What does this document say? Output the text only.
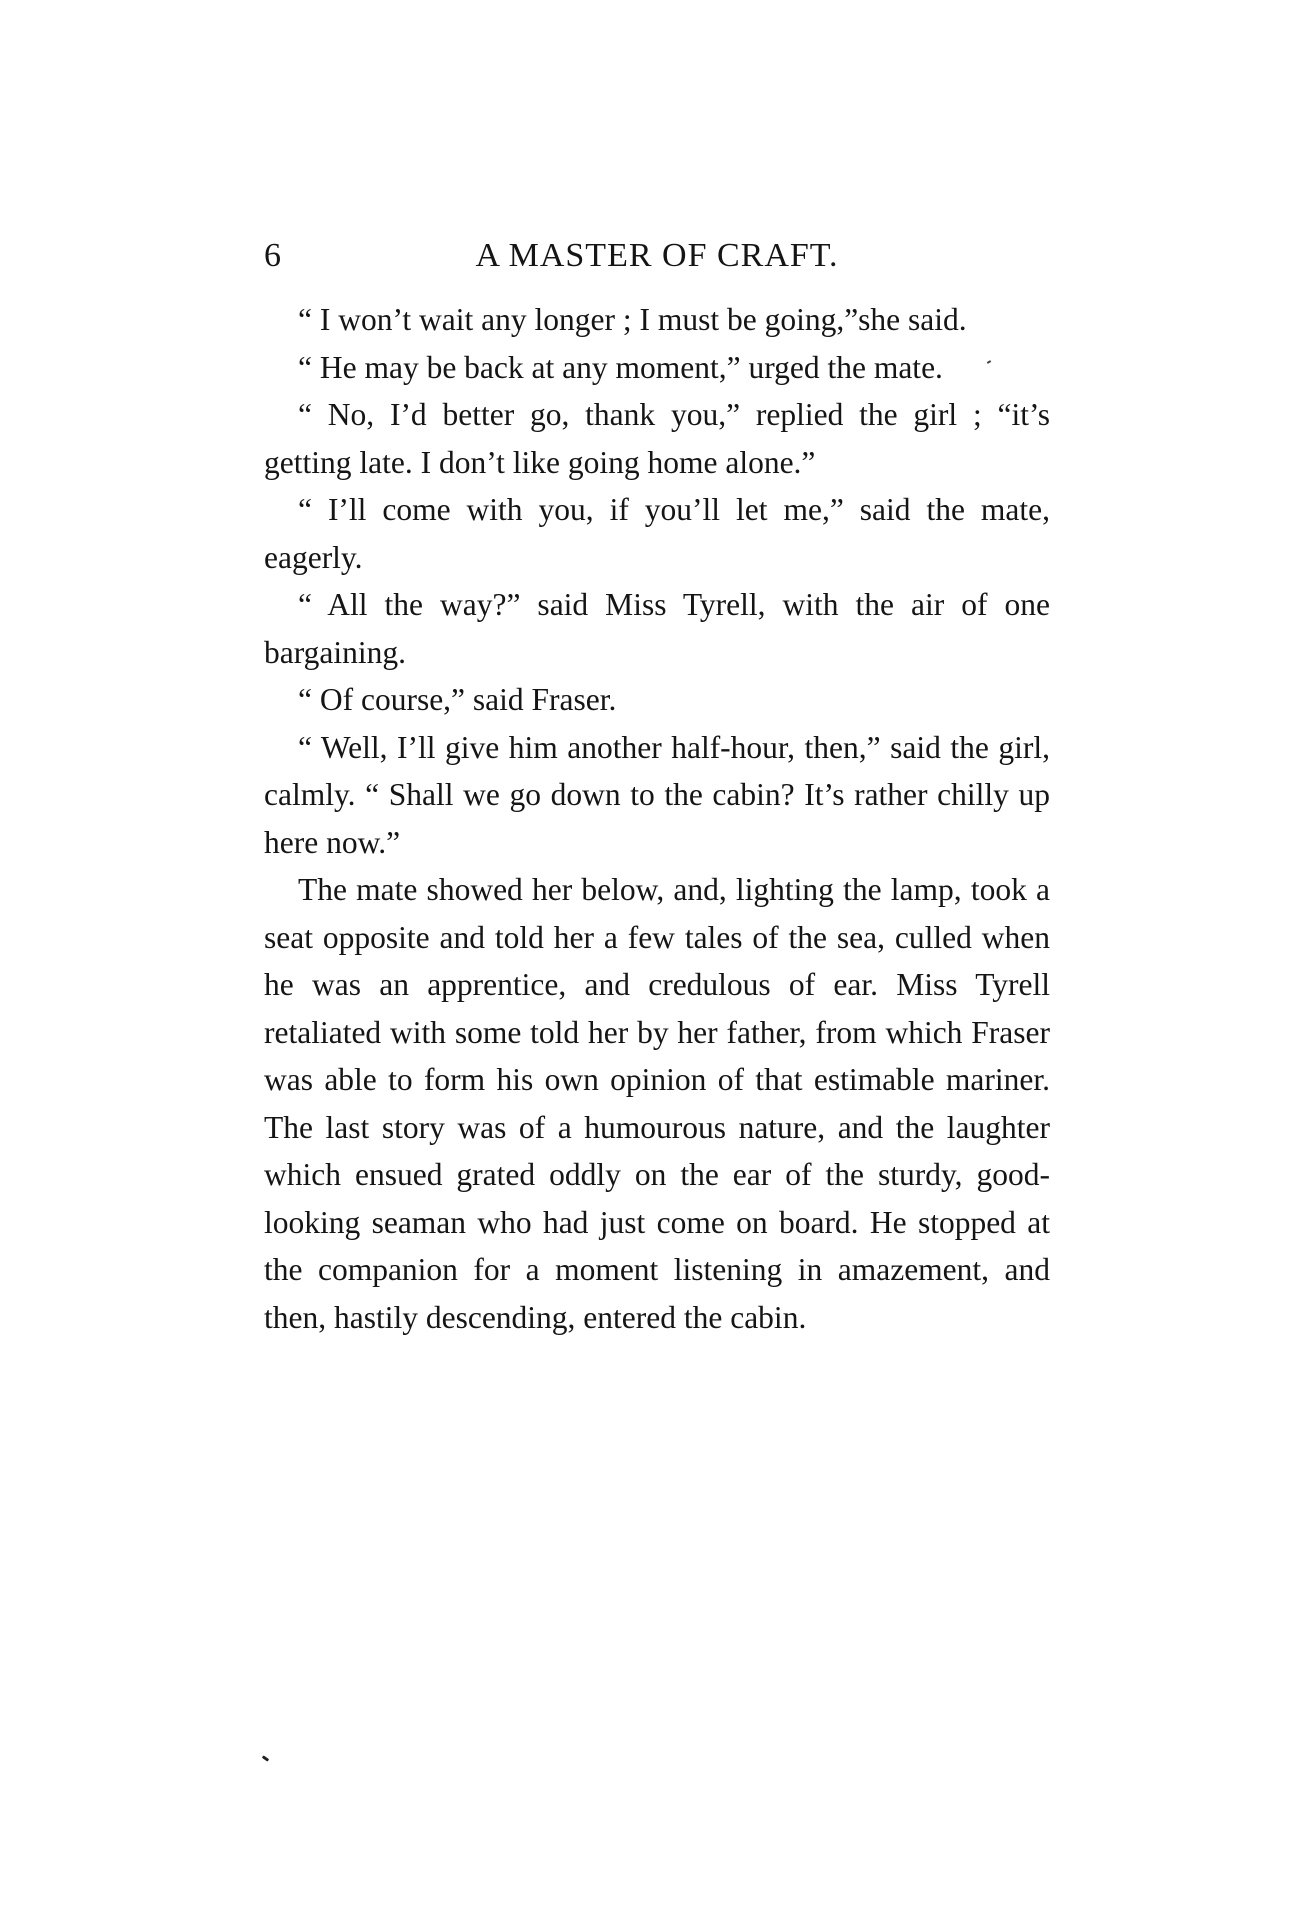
6	A MASTER OF CRAFT.

“ I won’t wait any longer ; I must be going,”she said.

“ He may be back at any moment,” urged the mate.

“ No, I’d better go, thank you,” replied the girl ; “it’s getting late. I don’t like going home alone.”

“ I’ll come with you, if you’ll let me,” said the mate, eagerly.

“ All the way?” said Miss Tyrell, with the air of one bargaining.

“ Of course,” said Fraser.

“ Well, I’ll give him another half-hour, then,” said the girl, calmly. “ Shall we go down to the cabin? It’s rather chilly up here now.”

The mate showed her below, and, lighting the lamp, took a seat opposite and told her a few tales of the sea, culled when he was an apprentice, and credulous of ear. Miss Tyrell retaliated with some told her by her father, from which Fraser was able to form his own opinion of that estimable mariner. The last story was of a humourous nature, and the laughter which ensued grated oddly on the ear of the sturdy, good-looking seaman who had just come on board. He stopped at the companion for a moment listening in amazement, and then, hastily descending, entered the cabin.
